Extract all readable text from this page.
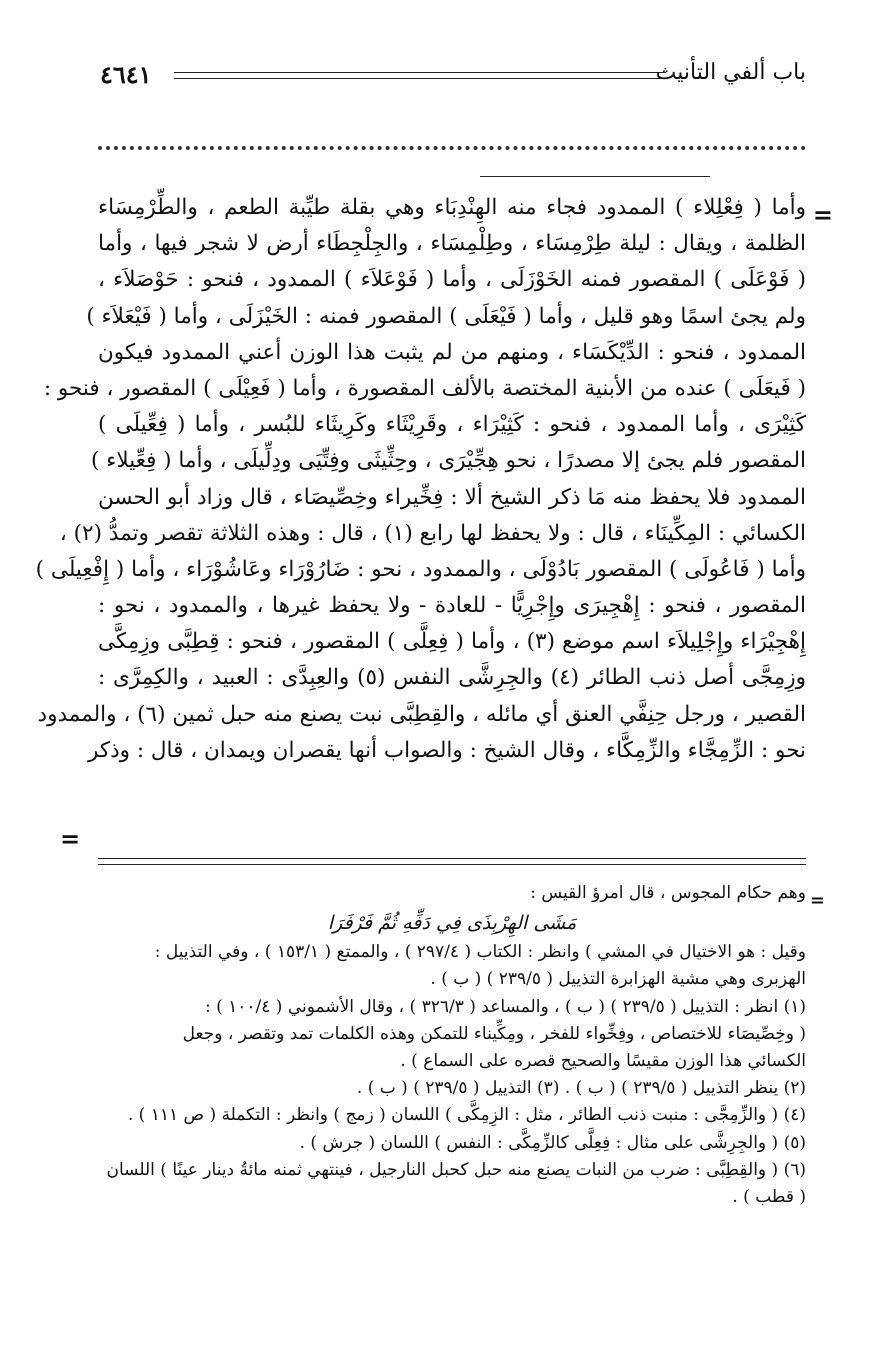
٤٦٤١	باب ألفي التأنيث
=
وأما ( فِعْلِلاء ) الممدود فجاء منه الهِنْدِبَاء وهي بقلة طيِّبة الطعم ، والطِّرْمِسَاء
الظلمة ، ويقال : ليلة طِرْمِسَاء ، وطِلْمِسَاء ، والجِلْجِطَاء أرض لا شجر فيها ، وأما
( فَوْعَلَى ) المقصور فمنه الخَوْزَلَى ، وأما ( فَوْعَلاَء ) الممدود ، فنحو : حَوْصَلاَء ،
ولم يجئ اسمًا وهو قليل ، وأما ( فَيْعَلَى ) المقصور فمنه : الخَيْزَلَى ، وأما ( فَيْعَلاَء )
الممدود ، فنحو : الدِّيْكَسَاء ، ومنهم من لم يثبت هذا الوزن أعني الممدود فيكون
( فَيعَلَى ) عنده من الأبنية المختصة بالألف المقصورة ، وأما ( فَعِيْلَى ) المقصور ، فنحو :
كَثِيْرَى ، وأما الممدود ، فنحو : كَثِيْرَاء ، وقَرِيْثَاء وكَرِيثَاء للبُسر ، وأما ( فِعِّيلَى )
المقصور فلم يجئ إلا مصدرًا ، نحو هِجِّيْرَى ، وحِثِّيثَى وفِتِّيَى ودِلِّيلَى ، وأما ( فِعِّيلاء )
الممدود فلا يحفظ منه مَا ذكر الشيخ ألا : فِخِّيراء وخِصِّيصَاء ، قال وزاد أبو الحسن
الكسائي : المِكِّينَاء ، قال : ولا يحفظ لها رابع (١) ، قال : وهذه الثلاثة تقصر وتمدُّ (٢) ،
وأما ( فَاعُولَى ) المقصور بَادُوْلَى ، والممدود ، نحو : ضَارُوْرَاء وعَاشُوْرَاء ، وأما ( إِفْعِيلَى )
المقصور ، فنحو : إِهْجِيرَى وإِجْرِيًّا - للعادة - ولا يحفظ غيرها ، والممدود ، نحو :
إِهْجِيْرَاء وإِجْلِيلاَء اسم موضع (٣) ، وأما ( فِعِلَّى ) المقصور ، فنحو : قِطِبَّى وزِمِكَّى
وزِمِجَّى أصل ذنب الطائر (٤) والجِرِشَّى النفس (٥) والعِبِدَّى : العبيد ، والكِمِرَّى :
القصير ، ورجل حِنِفَّي العنق أي مائله ، والقِطِبَّى نبت يصنع منه حبل ثمين (٦) ، والممدود
نحو : الزِّمِجَّاء والزِّمِكَّاء ، وقال الشيخ : والصواب أنها يقصران ويمدان ، قال : وذكر
=
=
وهم حكام المجوس ، قال امرؤ القيس :
مَشَى الهِرْبِذَى فِي دَفِّهِ ثُمَّ فَرْفَرَا
وقيل : هو الاختيال في المشي ) وانظر : الكتاب ( ٢٩٧/٤ ) ، والممتع ( ١٥٣/١ ) ، وفي التذييل :
الهزبرى وهي مشية الهزابرة التذييل ( ٢٣٩/٥ ) ( ب ) .
(١) انظر : التذييل ( ٢٣٩/٥ ) ( ب ) ، والمساعد ( ٣٢٦/٣ ) ، وقال الأشموني ( ١٠٠/٤ ) :
( وخِصِّيصَاء للاختصاص ، وفِخِّواء للفخر ، ومِكِّيناء للتمكن وهذه الكلمات تمد وتقصر ، وجعل
الكسائي هذا الوزن مقيسًا والصحيح قصره على السماع ) .
(٢) ينظر التذييل ( ٢٣٩/٥ ) ( ب ) . (٣) التذييل ( ٢٣٩/٥ ) ( ب ) .
(٤) ( والزِّمِجَّى : منبت ذنب الطائر ، مثل : الزِمِكَّى ) اللسان ( زمج ) وانظر : التكملة ( ص ١١١ ) .
(٥) ( والجِرِشَّى على مثال : فِعِلَّى كالزِّمِكَّى : النفس ) اللسان ( جرش ) .
(٦) ( والقِطِبَّى : ضرب من النبات يصنع منه حبل كحبل النارجيل ، فينتهي ثمنه مائةُ دينار عينًا ) اللسان
( قطب ) .
